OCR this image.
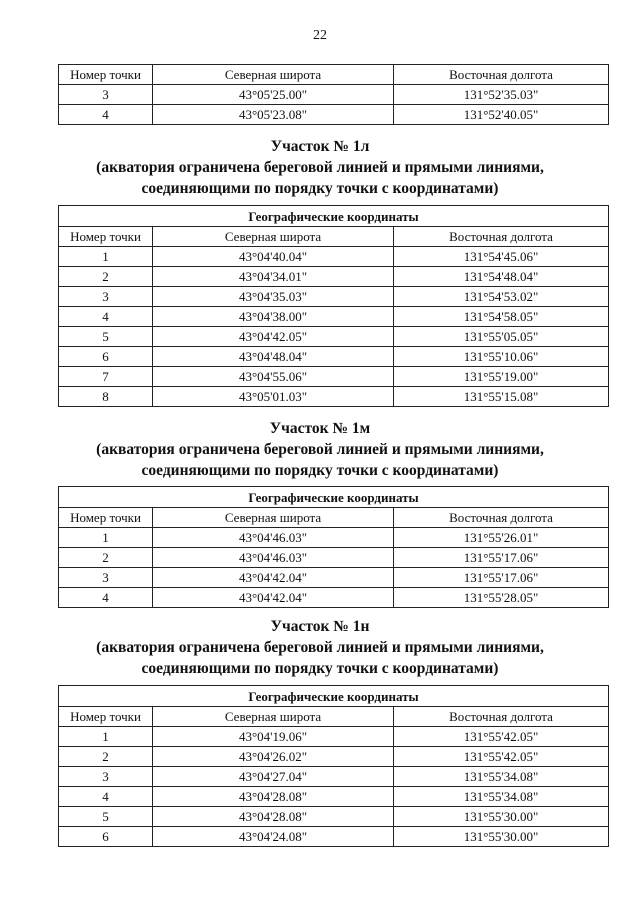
22
Номер точки	Северная широта	Восточная долгота
3	43°05'25.00"	131°52'35.03"
4	43°05'23.08"	131°52'40.05"
Участок № 1л
(акватория ограничена береговой линией и прямыми линиями,
соединяющими по порядку точки с координатами)
Географические координаты		
Номер точки	Северная широта	Восточная долгота
1	43°04'40.04"	131°54'45.06"
2	43°04'34.01"	131°54'48.04"
3	43°04'35.03"	131°54'53.02"
4	43°04'38.00"	131°54'58.05"
5	43°04'42.05"	131°55'05.05"
6	43°04'48.04"	131°55'10.06"
7	43°04'55.06"	131°55'19.00"
8	43°05'01.03"	131°55'15.08"
Участок № 1м
(акватория ограничена береговой линией и прямыми линиями,
соединяющими по порядку точки с координатами)
Географические координаты		
Номер точки	Северная широта	Восточная долгота
1	43°04'46.03"	131°55'26.01"
2	43°04'46.03"	131°55'17.06"
3	43°04'42.04"	131°55'17.06"
4	43°04'42.04"	131°55'28.05"
Участок № 1н
(акватория ограничена береговой линией и прямыми линиями,
соединяющими по порядку точки с координатами)
Географические координаты		
Номер точки	Северная широта	Восточная долгота
1	43°04'19.06"	131°55'42.05"
2	43°04'26.02"	131°55'42.05"
3	43°04'27.04"	131°55'34.08"
4	43°04'28.08"	131°55'34.08"
5	43°04'28.08"	131°55'30.00"
6	43°04'24.08"	131°55'30.00"
